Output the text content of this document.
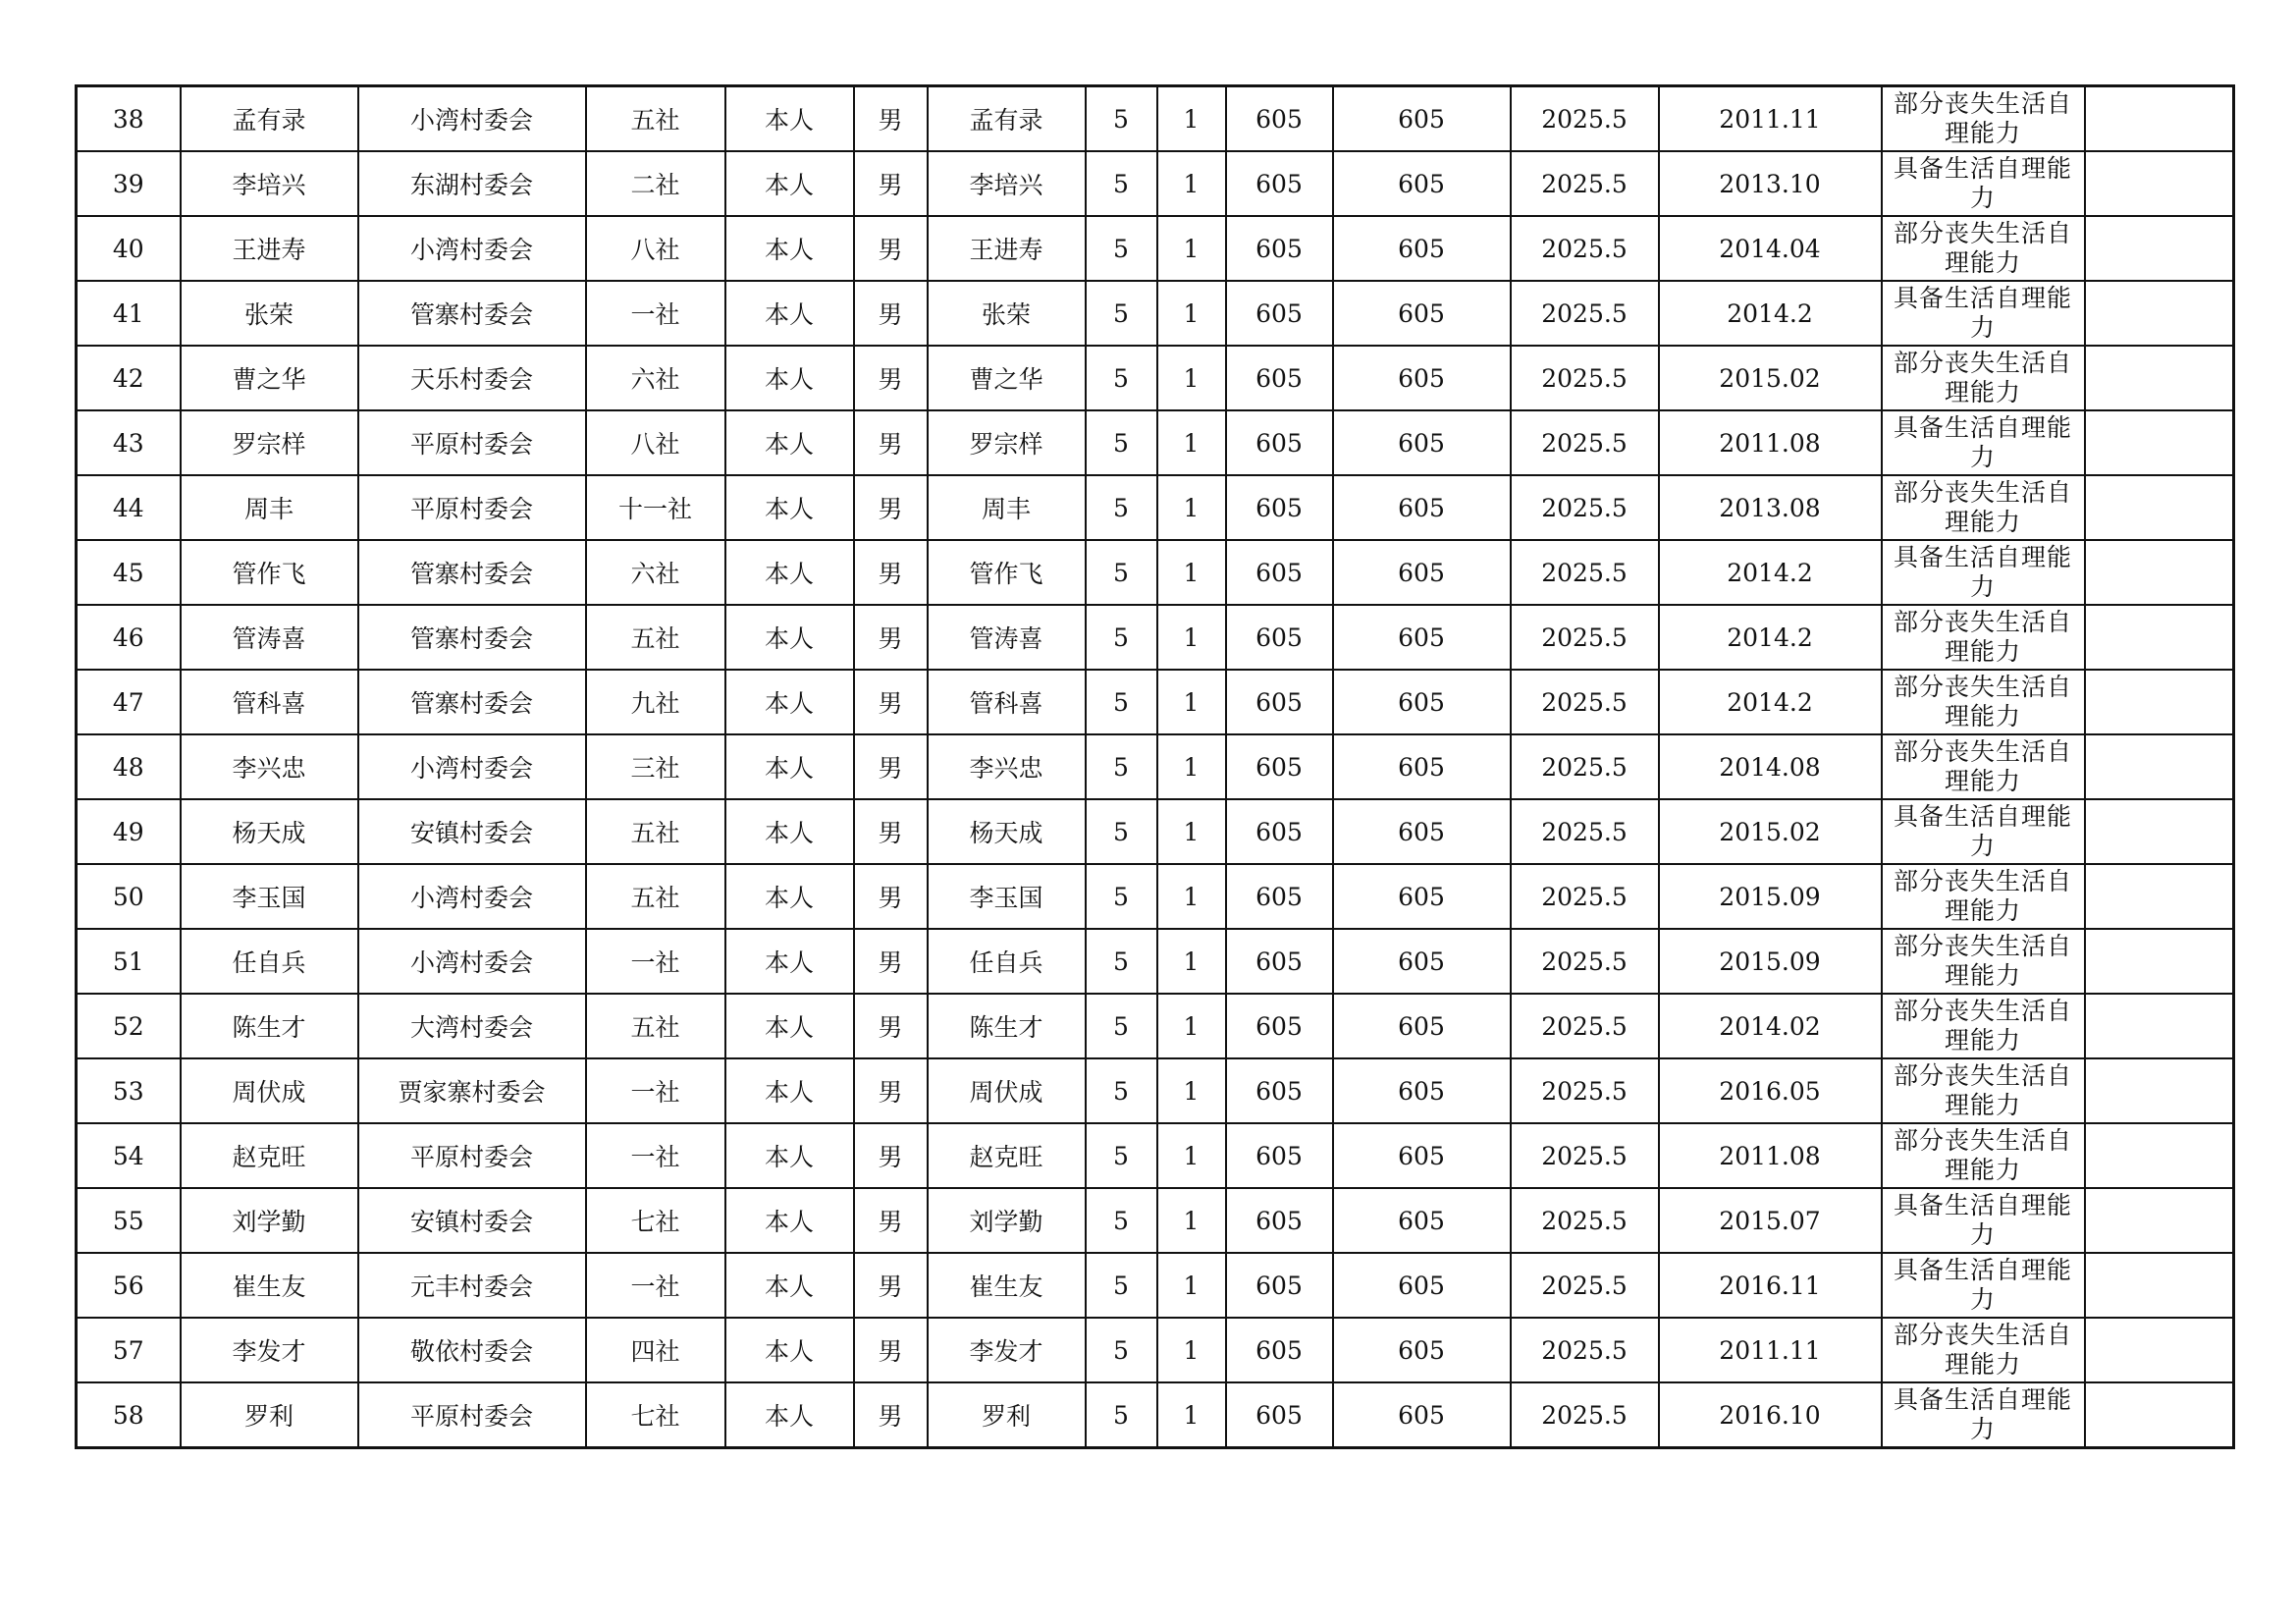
38	孟有录	小湾村委会	五社	本人	男	孟有录	5	1	605	605	2025.5	2011.11	部分丧失生活自理能力	

39	李培兴	东湖村委会	二社	本人	男	李培兴	5	1	605	605	2025.5	2013.10	具备生活自理能力	

40	王进寿	小湾村委会	八社	本人	男	王进寿	5	1	605	605	2025.5	2014.04	部分丧失生活自理能力	

41	张荣	管寨村委会	一社	本人	男	张荣	5	1	605	605	2025.5	2014.2	具备生活自理能力	

42	曹之华	天乐村委会	六社	本人	男	曹之华	5	1	605	605	2025.5	2015.02	部分丧失生活自理能力	

43	罗宗样	平原村委会	八社	本人	男	罗宗样	5	1	605	605	2025.5	2011.08	具备生活自理能力	

44	周丰	平原村委会	十一社	本人	男	周丰	5	1	605	605	2025.5	2013.08	部分丧失生活自理能力	

45	管作飞	管寨村委会	六社	本人	男	管作飞	5	1	605	605	2025.5	2014.2	具备生活自理能力	

46	管涛喜	管寨村委会	五社	本人	男	管涛喜	5	1	605	605	2025.5	2014.2	部分丧失生活自理能力	

47	管科喜	管寨村委会	九社	本人	男	管科喜	5	1	605	605	2025.5	2014.2	部分丧失生活自理能力	

48	李兴忠	小湾村委会	三社	本人	男	李兴忠	5	1	605	605	2025.5	2014.08	部分丧失生活自理能力	

49	杨天成	安镇村委会	五社	本人	男	杨天成	5	1	605	605	2025.5	2015.02	具备生活自理能力	

50	李玉国	小湾村委会	五社	本人	男	李玉国	5	1	605	605	2025.5	2015.09	部分丧失生活自理能力	

51	任自兵	小湾村委会	一社	本人	男	任自兵	5	1	605	605	2025.5	2015.09	部分丧失生活自理能力	

52	陈生才	大湾村委会	五社	本人	男	陈生才	5	1	605	605	2025.5	2014.02	部分丧失生活自理能力	

53	周伏成	贾家寨村委会	一社	本人	男	周伏成	5	1	605	605	2025.5	2016.05	部分丧失生活自理能力	

54	赵克旺	平原村委会	一社	本人	男	赵克旺	5	1	605	605	2025.5	2011.08	部分丧失生活自理能力	

55	刘学勤	安镇村委会	七社	本人	男	刘学勤	5	1	605	605	2025.5	2015.07	具备生活自理能力	

56	崔生友	元丰村委会	一社	本人	男	崔生友	5	1	605	605	2025.5	2016.11	具备生活自理能力	

57	李发才	敬依村委会	四社	本人	男	李发才	5	1	605	605	2025.5	2011.11	部分丧失生活自理能力	

58	罗利	平原村委会	七社	本人	男	罗利	5	1	605	605	2025.5	2016.10	具备生活自理能力	
